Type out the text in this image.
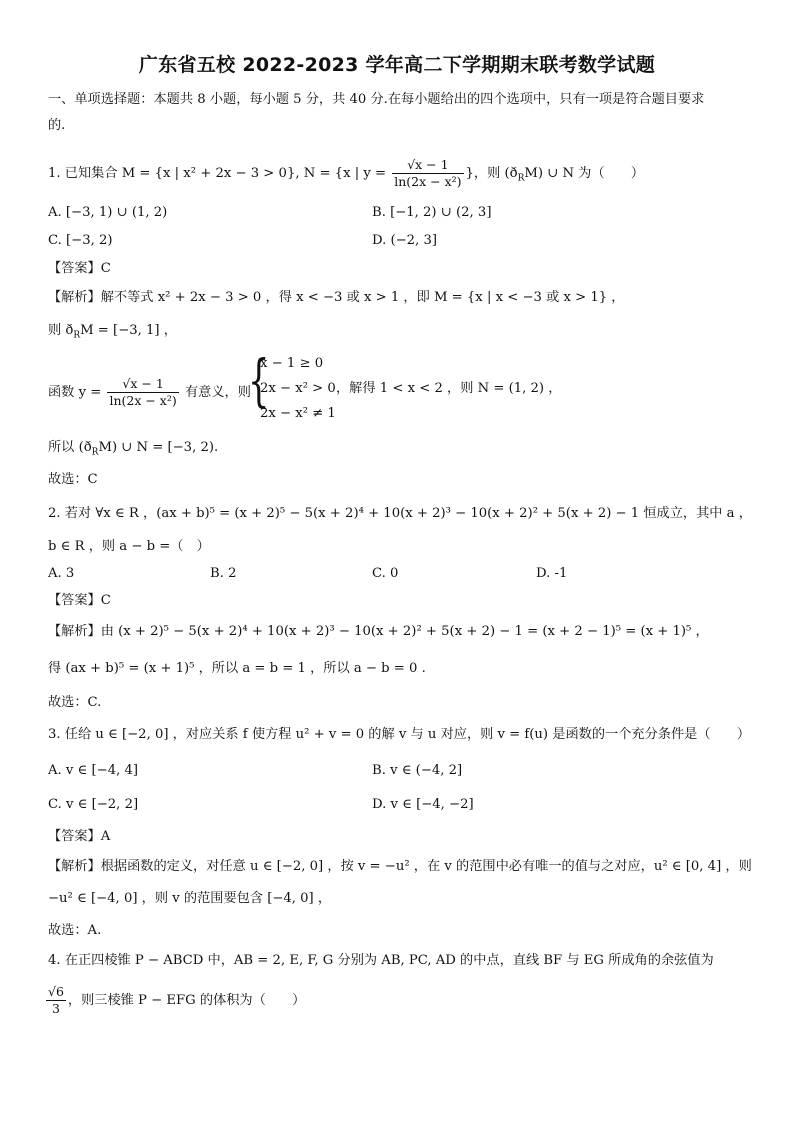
广东省五校 2022-2023 学年高二下学期期末联考数学试题
一、单项选择题：本题共 8 小题，每小题 5 分，共 40 分.在每小题给出的四个选项中，只有一项是符合题目要求
的.
1. 已知集合 M = {x | x² + 2x − 3 > 0}, N = {x | $y = \frac{√x - 1}{\text{ln(2x − x²)}}$ }，则 $(ð_RM)$ ∪ N 为（　　）
A. [−3, 1) ∪ (1, 2)	B. [−1, 2) ∪ (2, 3]
C. [−3, 2)	D. (−2, 3]
【答案】C
【解析】解不等式 x² + 2x − 3 > 0 ，得 x < −3 或 x > 1 ，即 M = {x | x < −3 或 x > 1} ，
则 $ð_RM = [-3$, 1] ，
函数 $y = \frac{√x - 1}{\text{ln(2x − x²)}}$ 有意义，则
{
x − 1 ≥ 0
2x − x² > 0
2x − x² ≠ 1
，解得 1 < x < 2 ，则 N = (1, 2) ，
所以 $(ð_RM)$ ∪ N = [−3, 2).
故选：C
2. 若对 ∀x ∈ R ，(ax + b)⁵ = (x + 2)⁵ − 5(x + 2)⁴ + 10(x + 2)³ − 10(x + 2)² + 5(x + 2) − 1 恒成立，其中 a ，
b ∈ R ，则 a − b =（　）
A. 3	B. 2	C. 0	D. -1
【答案】C
【解析】由 (x + 2)⁵ − 5(x + 2)⁴ + 10(x + 2)³ − 10(x + 2)² + 5(x + 2) − 1 = (x + 2 − 1)⁵ = (x + 1)⁵ ，
得 (ax + b)⁵ = (x + 1)⁵ ，所以 a = b = 1 ，所以 a − b = 0 .
故选：C.
3. 任给 u ∈ [−2, 0] ，对应关系 f 使方程 u² + v = 0 的解 v 与 u 对应，则 v = f(u) 是函数的一个充分条件是（　　）
A. v ∈ [−4, 4]	B. v ∈ (−4, 2]
C. v ∈ [−2, 2]	D. v ∈ [−4, −2]
【答案】A
【解析】根据函数的定义，对任意 u ∈ [−2, 0] ，按 v = −u² ，在 v 的范围中必有唯一的值与之对应，u² ∈ [0, 4] ，则
−u² ∈ [−4, 0] ，则 v 的范围要包含 [−4, 0] ，
故选：A.
4. 在正四棱锥 P − ABCD 中，AB = 2, E, F, G 分别为 AB, PC, AD 的中点，直线 BF 与 EG 所成角的余弦值为
$\frac{√6}{3}$ ，则三棱锥 P − EFG 的体积为（　　）
